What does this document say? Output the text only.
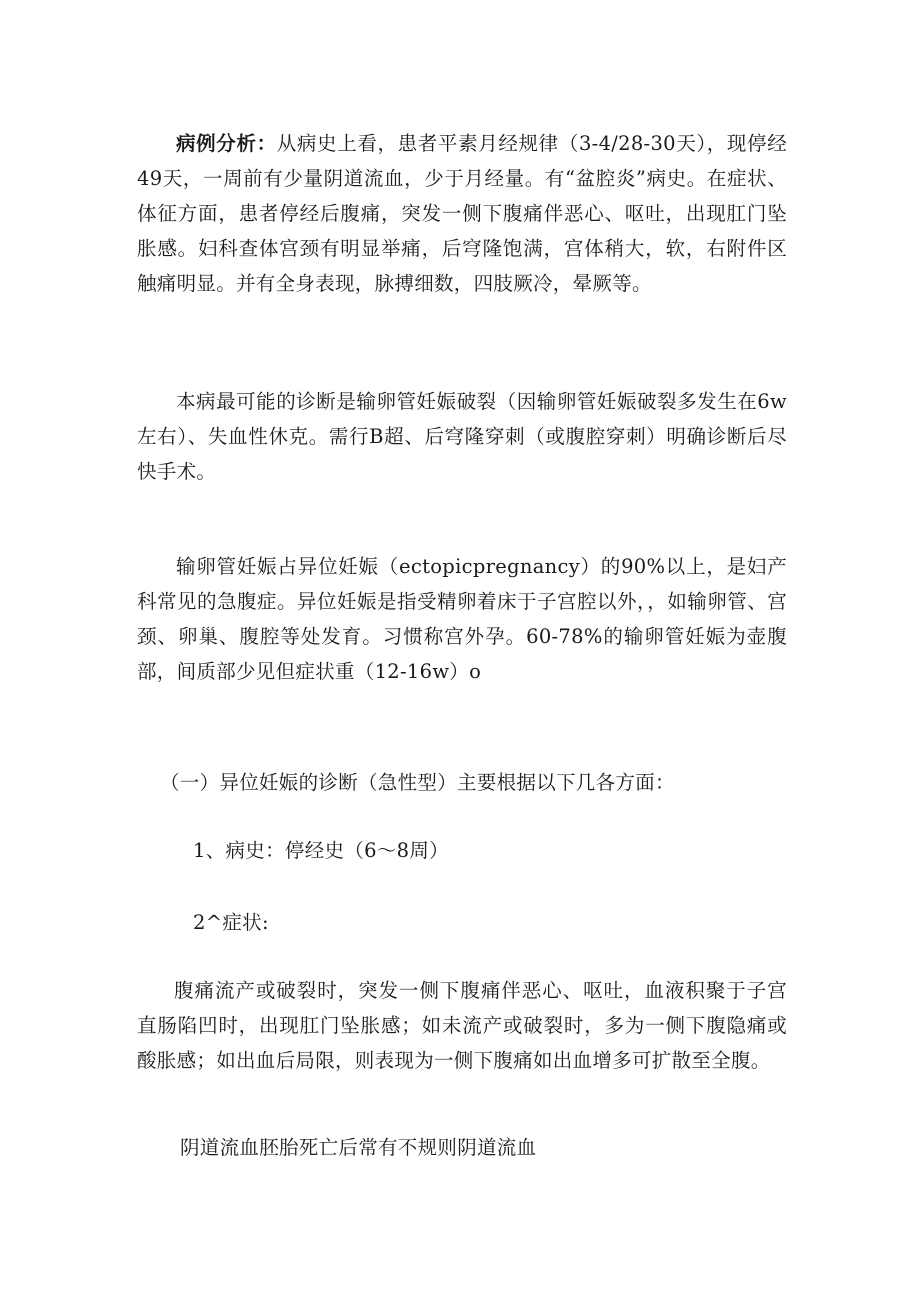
病例分析：从病史上看，患者平素月经规律（3-4/28-30天），现停经49天，一周前有少量阴道流血，少于月经量。有“盆腔炎”病史。在症状、体征方面，患者停经后腹痛，突发一侧下腹痛伴恶心、呕吐，出现肛门坠胀感。妇科查体宫颈有明显举痛，后穹隆饱满，宫体稍大，软，右附件区触痛明显。并有全身表现，脉搏细数，四肢厥冷，晕厥等。

本病最可能的诊断是输卵管妊娠破裂（因输卵管妊娠破裂多发生在6w左右）、失血性休克。需行B超、后穹隆穿刺（或腹腔穿刺）明确诊断后尽快手术。

输卵管妊娠占异位妊娠（ectopicpregnancy）的90%以上，是妇产科常见的急腹症。异位妊娠是指受精卵着床于子宫腔以外，，如输卵管、宫颈、卵巢、腹腔等处发育。习惯称宫外孕。60-78%的输卵管妊娠为壶腹部，间质部少见但症状重（12-16w）o

（一）异位妊娠的诊断（急性型）主要根据以下几各方面：

1、病史：停经史（6～8周）

2^症状:

腹痛流产或破裂时，突发一侧下腹痛伴恶心、呕吐，血液积聚于子宫直肠陷凹时，出现肛门坠胀感；如未流产或破裂时，多为一侧下腹隐痛或酸胀感；如出血后局限，则表现为一侧下腹痛如出血增多可扩散至全腹。

阴道流血胚胎死亡后常有不规则阴道流血
